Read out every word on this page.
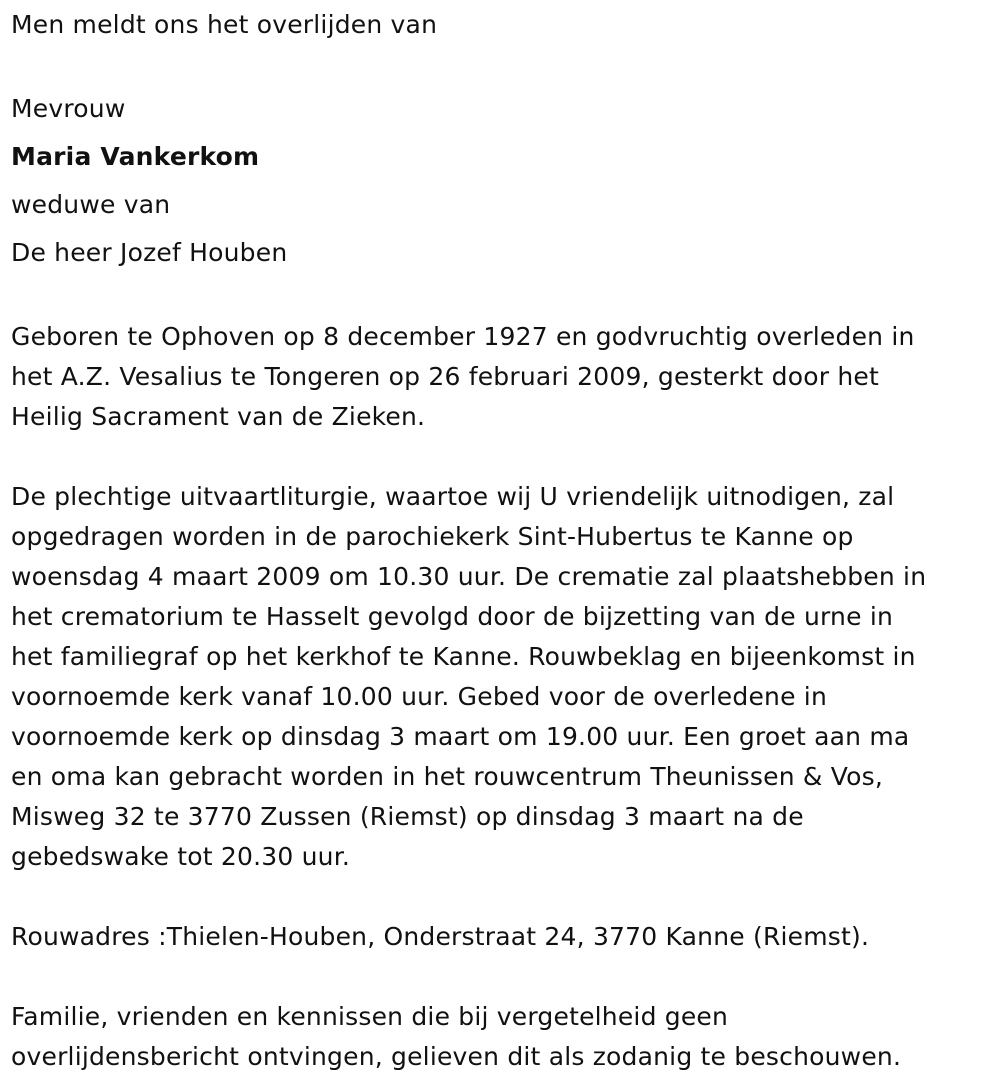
Men meldt ons het overlijden van
Mevrouw
Maria Vankerkom
weduwe van
De heer Jozef Houben
Geboren te Ophoven op 8 december 1927 en godvruchtig overleden in
het A.Z. Vesalius te Tongeren op 26 februari 2009, gesterkt door het
Heilig Sacrament van de Zieken.
De plechtige uitvaartliturgie, waartoe wij U vriendelijk uitnodigen, zal
opgedragen worden in de parochiekerk Sint-Hubertus te Kanne op
woensdag 4 maart 2009 om 10.30 uur. De crematie zal plaatshebben in
het crematorium te Hasselt gevolgd door de bijzetting van de urne in
het familiegraf op het kerkhof te Kanne. Rouwbeklag en bijeenkomst in
voornoemde kerk vanaf 10.00 uur. Gebed voor de overledene in
voornoemde kerk op dinsdag 3 maart om 19.00 uur. Een groet aan ma
en oma kan gebracht worden in het rouwcentrum Theunissen & Vos,
Misweg 32 te 3770 Zussen (Riemst) op dinsdag 3 maart na de
gebedswake tot 20.30 uur.
Rouwadres :Thielen-Houben, Onderstraat 24, 3770 Kanne (Riemst).
Familie, vrienden en kennissen die bij vergetelheid geen
overlijdensbericht ontvingen, gelieven dit als zodanig te beschouwen.
